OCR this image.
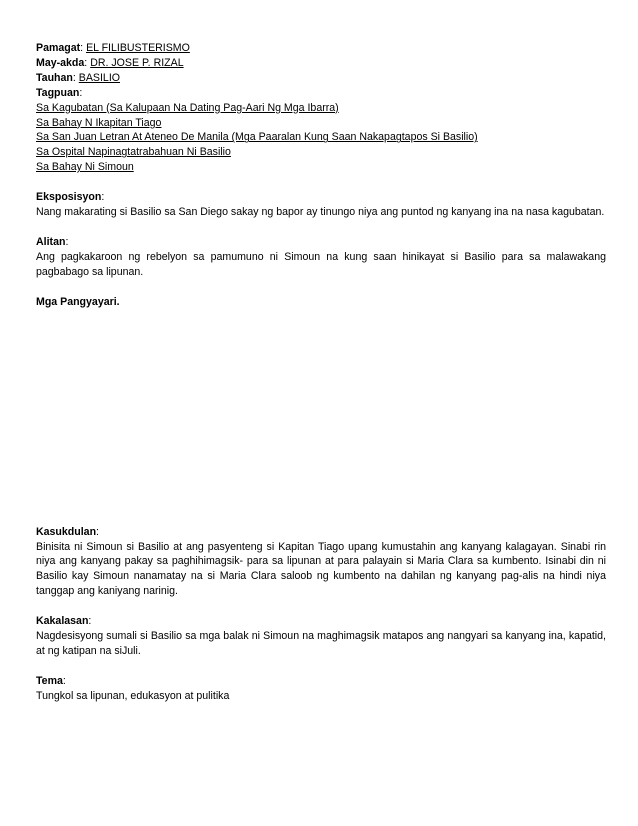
Pamagat: EL FILIBUSTERISMO

May-akda: DR. JOSE P. RIZAL

Tauhan: BASILIO

Tagpuan:

Sa Kagubatan (Sa Kalupaan Na Dating Pag-Aari Ng Mga Ibarra)

Sa Bahay N Ikapitan Tiago

Sa San Juan Letran At Ateneo De Manila (Mga Paaralan Kung Saan Nakapagtapos Si Basilio)

Sa Ospital Napinagtatrabahuan Ni Basilio

Sa Bahay Ni Simoun

Eksposisyon:

Nang makarating si Basilio sa San Diego sakay ng bapor ay tinungo niya ang puntod ng kanyang ina na nasa kagubatan.

Alitan:

Ang pagkakaroon ng rebelyon sa pamumuno ni Simoun na kung saan hinikayat si Basilio para sa malawakang pagbabago sa lipunan.

Mga Pangyayari.

Kasukdulan:

Binisita ni Simoun si Basilio at ang pasyenteng si Kapitan Tiago upang kumustahin ang kanyang kalagayan. Sinabi rin niya ang kanyang pakay sa paghihimagsik- para sa lipunan at para palayain si Maria Clara sa kumbento. Isinabi din ni Basilio kay Simoun nanamatay na si Maria Clara saloob ng kumbento na dahilan ng kanyang pag-alis na hindi niya tanggap ang kaniyang narinig.

Kakalasan:

Nagdesisyong sumali si Basilio sa mga balak ni Simoun na maghimagsik matapos ang nangyari sa kanyang ina, kapatid, at ng katipan na siJuli.

Tema:

Tungkol sa lipunan, edukasyon at pulitika
